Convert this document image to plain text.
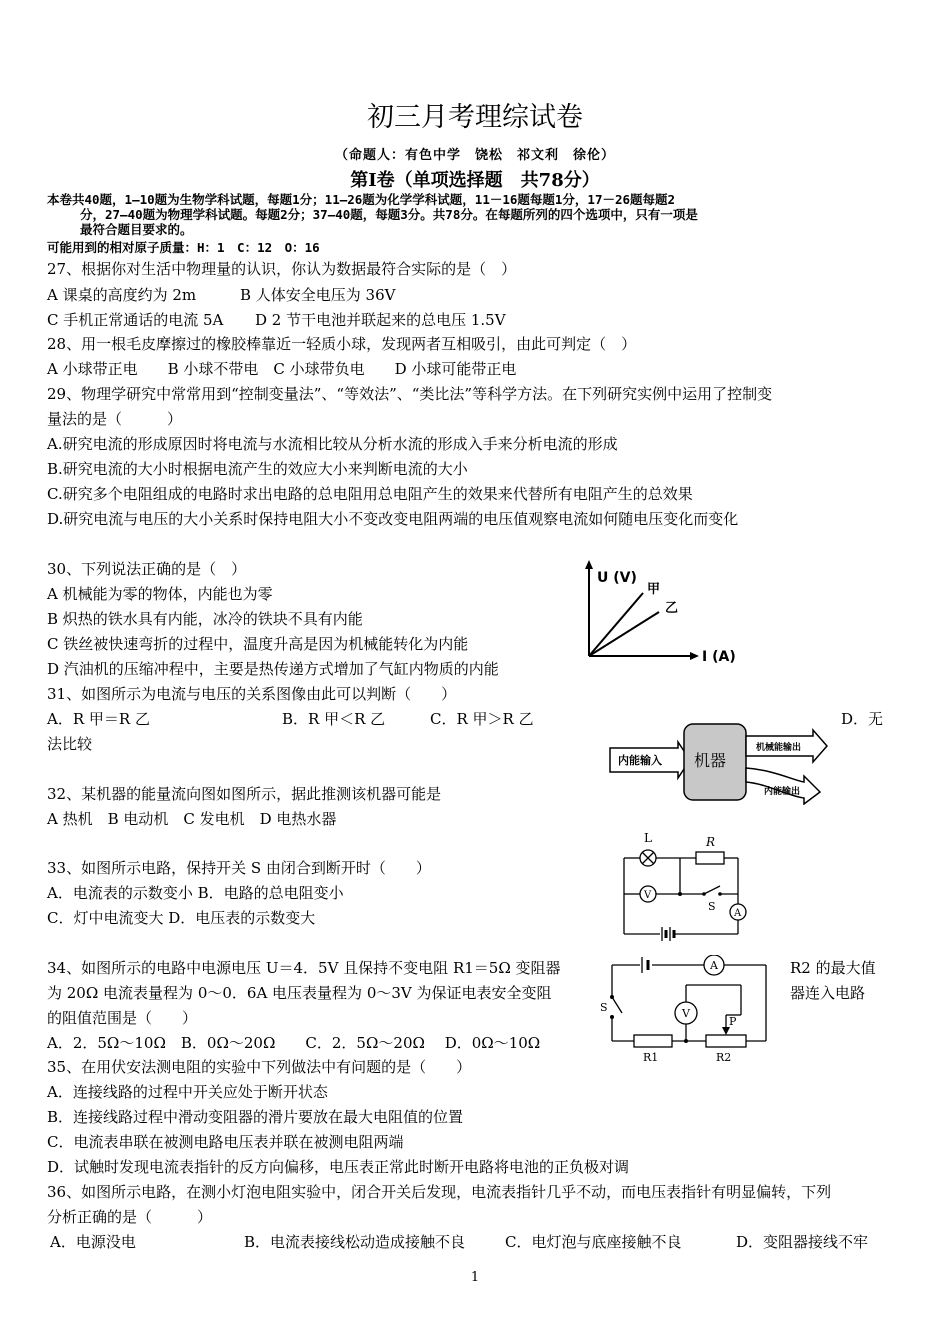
初三月考理综试卷
（命题人：有色中学　饶松　祁文利　徐伦）
第Ⅰ卷（单项选择题　共78分）
本卷共40题，1—10题为生物学科试题，每题1分；11—26题为化学学科试题，11－16题每题1分，17－26题每题2
分，27—40题为物理学科试题。每题2分；37—40题，每题3分。共78分。在每题所列的四个选项中，只有一项是
最符合题目要求的。
可能用到的相对原子质量：H：1　C：12　O：16
27、根据你对生活中物理量的认识，你认为数据最符合实际的是（　）
A 课桌的高度约为 2m	B 人体安全电压为 36V
C 手机正常通话的电流 5A D 2 节干电池并联起来的总电压 1.5V
28、用一根毛皮摩擦过的橡胶棒靠近一轻质小球，发现两者互相吸引，由此可判定（　）
A 小球带正电　　B 小球不带电　C 小球带负电　　D 小球可能带正电
29、物理学研究中常常用到“控制变量法”、“等效法”、“类比法”等科学方法。在下列研究实例中运用了控制变
量法的是（　　　）
A.研究电流的形成原因时将电流与水流相比较从分析水流的形成入手来分析电流的形成
B.研究电流的大小时根据电流产生的效应大小来判断电流的大小
C.研究多个电阻组成的电路时求出电路的总电阻用总电阻产生的效果来代替所有电阻产生的总效果
D.研究电流与电压的大小关系时保持电阻大小不变改变电阻两端的电压值观察电流如何随电压变化而变化
30、下列说法正确的是（　）
A 机械能为零的物体，内能也为零
B 炽热的铁水具有内能，冰冷的铁块不具有内能
C 铁丝被快速弯折的过程中，温度升高是因为机械能转化为内能
D 汽油机的压缩冲程中，主要是热传递方式增加了气缸内物质的内能
U (V)
甲
乙
I (A)
31、如图所示为电流与电压的关系图像由此可以判断（　　）
A．R 甲＝R 乙	B．R 甲＜R 乙	C．R 甲＞R 乙	D．无
法比较
内能输入 机器
机械能输出
内能输出
32、某机器的能量流向图如图所示，据此推测该机器可能是
A 热机　B 电动机　C 发电机　D 电热水器
L	R
V
S
A
33、如图所示电路，保持开关 S 由闭合到断开时（　　）
A．电流表的示数变小 B．电路的总电阻变小
C．灯中电流变大 D．电压表的示数变大
A
V
S
P
R1	R2
34、如图所示的电路中电源电压 U＝4．5V 且保持不变电阻 R1＝5Ω 变阻器	R2 的最大值
为 20Ω 电流表量程为 0～0．6A 电压表量程为 0～3V 为保证电表安全变阻	器连入电路
的阻值范围是（　　）
A．2．5Ω～10Ω　B．0Ω～20Ω　　C．2．5Ω～20Ω　 D．0Ω～10Ω
35、在用伏安法测电阻的实验中下列做法中有问题的是（　　）
A．连接线路的过程中开关应处于断开状态
B．连接线路过程中滑动变阻器的滑片要放在最大电阻值的位置
C．电流表串联在被测电路电压表并联在被测电阻两端
D．试触时发现电流表指针的反方向偏移，电压表正常此时断开电路将电池的正负极对调
36、如图所示电路，在测小灯泡电阻实验中，闭合开关后发现，电流表指针几乎不动，而电压表指针有明显偏转，下列
分析正确的是（　　　）
A．电源没电	B．电流表接线松动造成接触不良	C．电灯泡与底座接触不良	D．变阻器接线不牢
1
